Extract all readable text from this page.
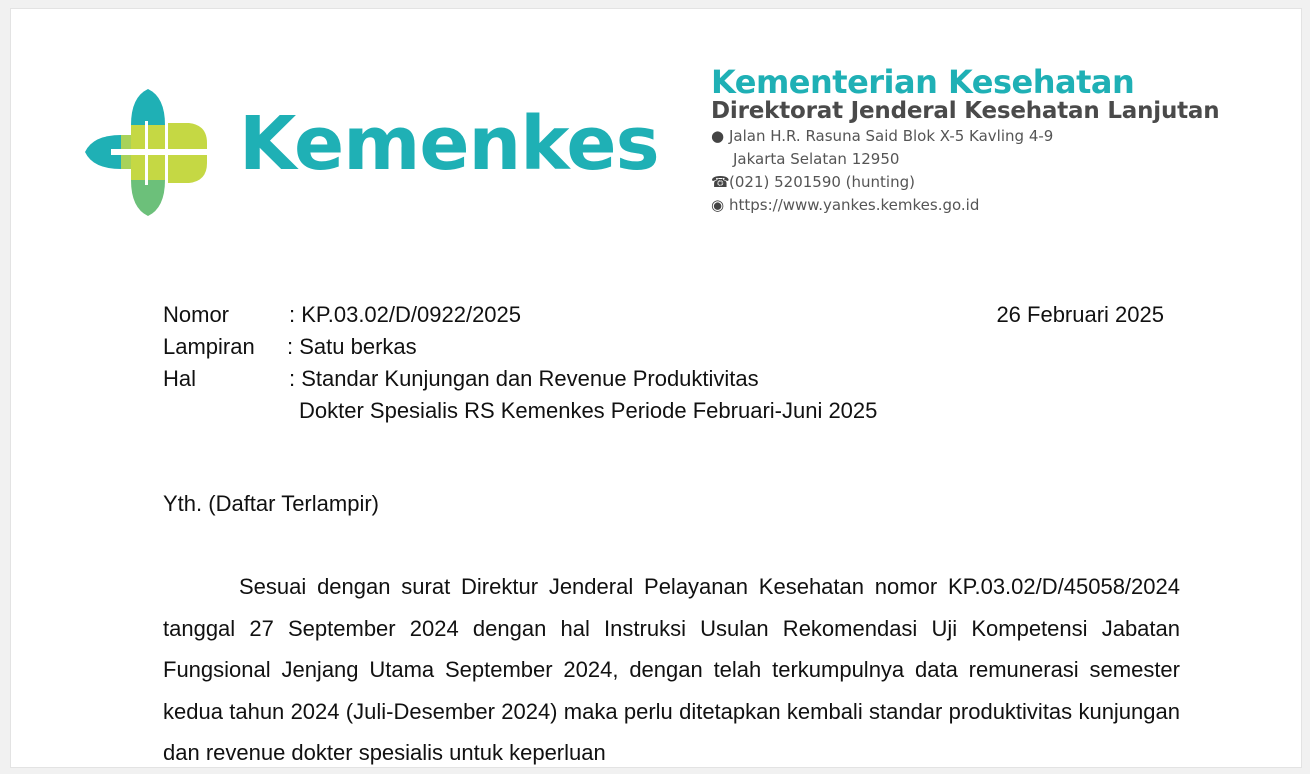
Kemenkes
Kementerian Kesehatan
Direktorat Jenderal Kesehatan Lanjutan
● Jalan H.R. Rasuna Said Blok X-5 Kavling 4-9
Jakarta Selatan 12950
☎ (021) 5201590 (hunting)
◉ https://www.yankes.kemkes.go.id
Nomor	: KP.03.02/D/0922/2025
Lampiran : Satu berkas
Hal	: Standar Kunjungan dan Revenue Produktivitas
Dokter Spesialis RS Kemenkes Periode Februari-Juni 2025
26 Februari 2025
Yth. (Daftar Terlampir)
Sesuai dengan surat Direktur Jenderal Pelayanan Kesehatan nomor KP.03.02/D/45058/2024 tanggal 27 September 2024 dengan hal Instruksi Usulan Rekomendasi Uji Kompetensi Jabatan Fungsional Jenjang Utama September 2024, dengan telah terkumpulnya data remunerasi semester kedua tahun 2024 (Juli-Desember 2024) maka perlu ditetapkan kembali standar produktivitas kunjungan dan revenue dokter spesialis untuk keperluan
